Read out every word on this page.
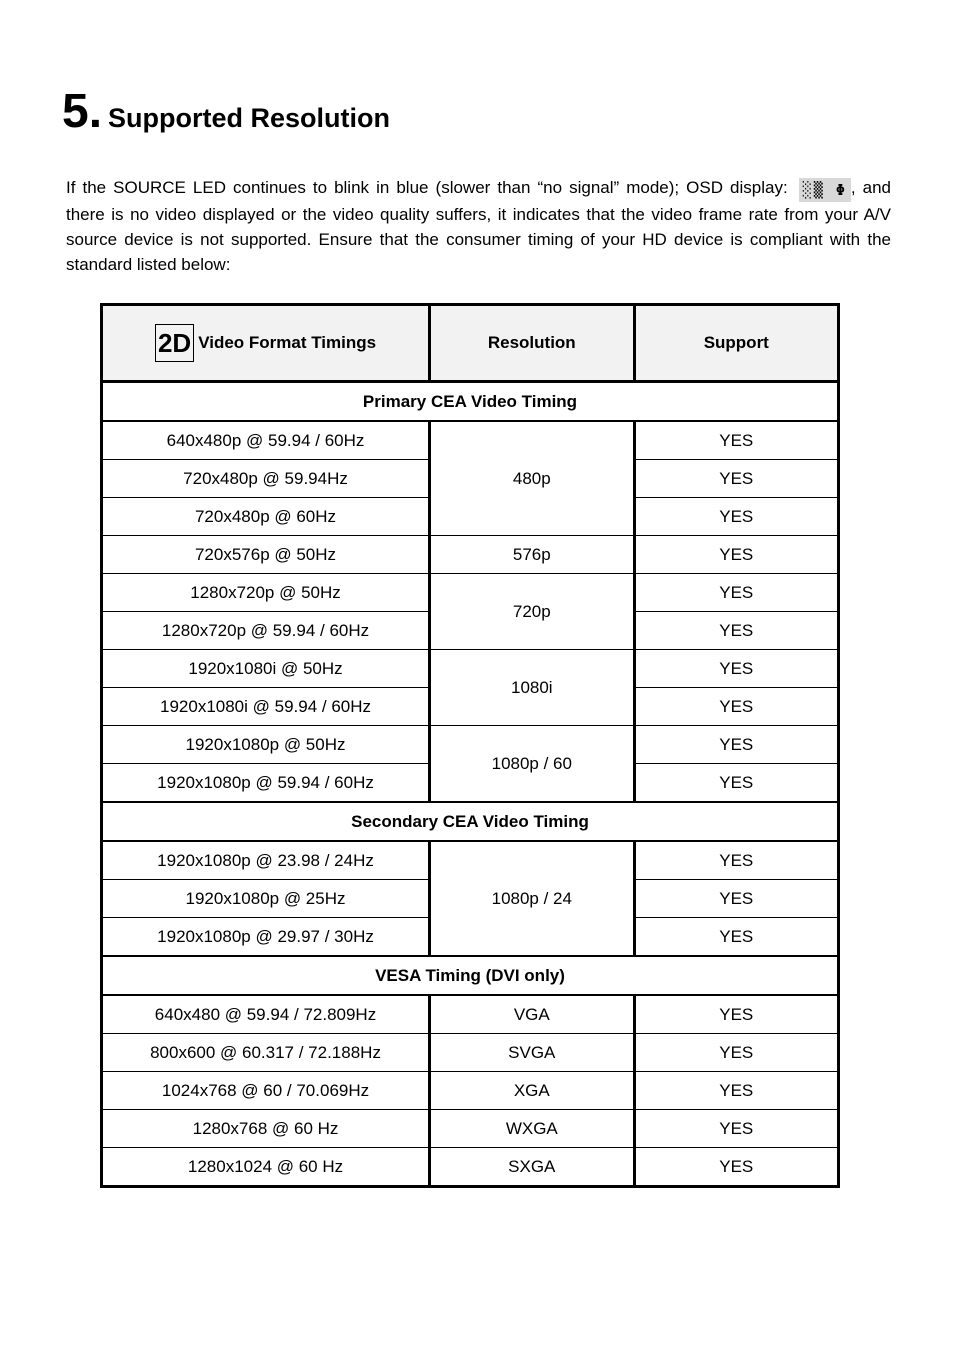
5. Supported Resolution

If the SOURCE LED continues to blink in blue (slower than “no signal” mode); OSD display: ░▒ Φ , and there is no video displayed or the video quality suffers, it indicates that the video frame rate from your A/V source device is not supported. Ensure that the consumer timing of your HD device is compliant with the standard listed below:

2D Video Format Timings	Resolution	Support
Primary CEA Video Timing		
640x480p @ 59.94 / 60Hz	480p	YES
720x480p @ 59.94Hz		YES
720x480p @ 60Hz		YES
720x576p @ 50Hz	576p	YES
1280x720p @ 50Hz	720p	YES
1280x720p @ 59.94 / 60Hz		YES
1920x1080i @ 50Hz	1080i	YES
1920x1080i @ 59.94 / 60Hz		YES
1920x1080p @ 50Hz	1080p / 60	YES
1920x1080p @ 59.94 / 60Hz		YES
Secondary CEA Video Timing		
1920x1080p @ 23.98 / 24Hz	1080p / 24	YES
1920x1080p @ 25Hz		YES
1920x1080p @ 29.97 / 30Hz		YES
VESA Timing (DVI only)		
640x480 @ 59.94 / 72.809Hz	VGA	YES
800x600 @ 60.317 / 72.188Hz	SVGA	YES
1024x768 @ 60 / 70.069Hz	XGA	YES
1280x768 @ 60 Hz	WXGA	YES
1280x1024 @ 60 Hz	SXGA	YES
